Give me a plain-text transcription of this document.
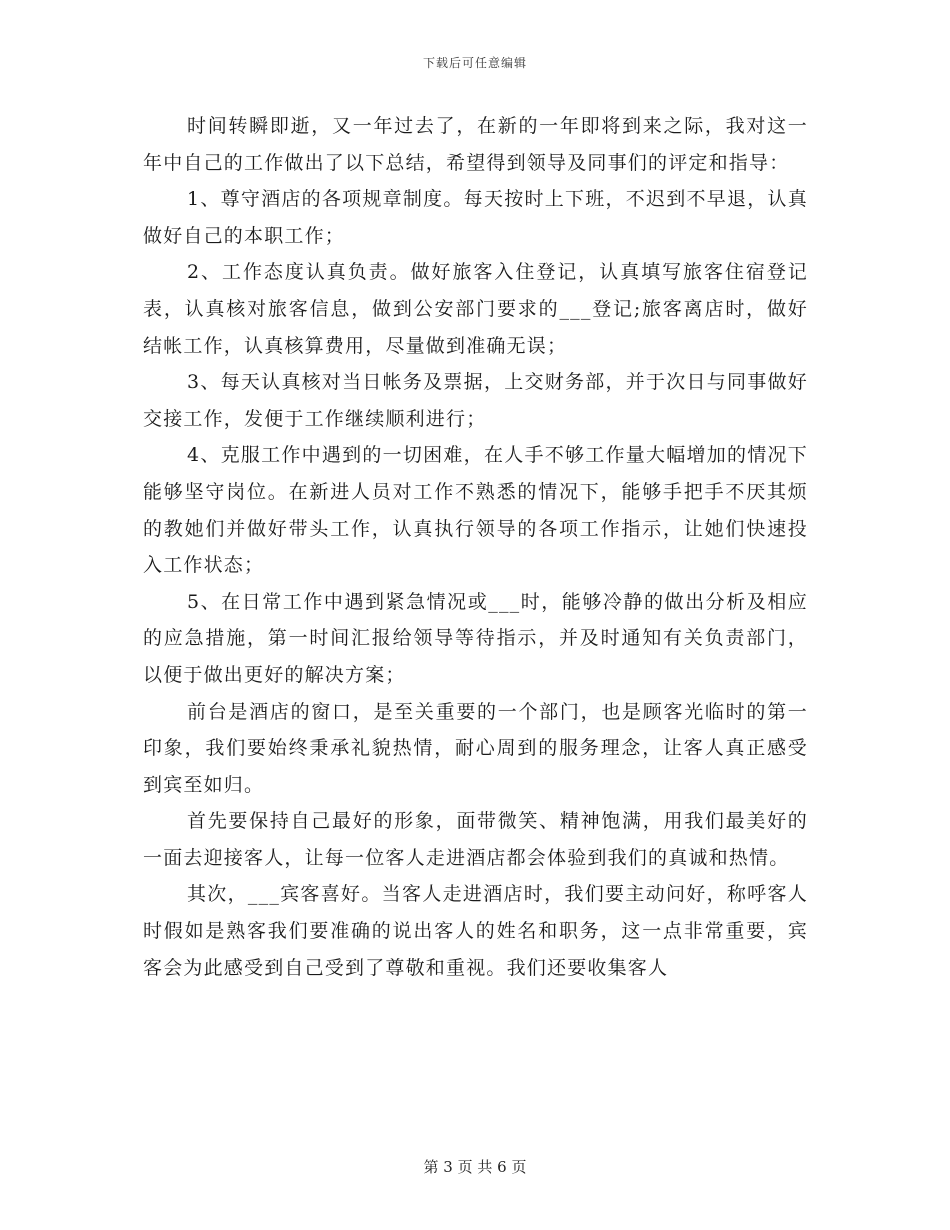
下载后可任意编辑

时间转瞬即逝，又一年过去了，在新的一年即将到来之际，我对这一年中自己的工作做出了以下总结，希望得到领导及同事们的评定和指导：

1、尊守酒店的各项规章制度。每天按时上下班，不迟到不早退，认真做好自己的本职工作；

2、工作态度认真负责。做好旅客入住登记，认真填写旅客住宿登记表，认真核对旅客信息，做到公安部门要求的___登记;旅客离店时，做好结帐工作，认真核算费用，尽量做到准确无误；

3、每天认真核对当日帐务及票据，上交财务部，并于次日与同事做好交接工作，发便于工作继续顺利进行；

4、克服工作中遇到的一切困难，在人手不够工作量大幅增加的情况下能够坚守岗位。在新进人员对工作不熟悉的情况下，能够手把手不厌其烦的教她们并做好带头工作，认真执行领导的各项工作指示，让她们快速投入工作状态；

5、在日常工作中遇到紧急情况或___时，能够冷静的做出分析及相应的应急措施，第一时间汇报给领导等待指示，并及时通知有关负责部门，以便于做出更好的解决方案；

前台是酒店的窗口，是至关重要的一个部门，也是顾客光临时的第一印象，我们要始终秉承礼貌热情，耐心周到的服务理念，让客人真正感受到宾至如归。

首先要保持自己最好的形象，面带微笑、精神饱满，用我们最美好的一面去迎接客人，让每一位客人走进酒店都会体验到我们的真诚和热情。

其次，___宾客喜好。当客人走进酒店时，我们要主动问好，称呼客人时假如是熟客我们要准确的说出客人的姓名和职务，这一点非常重要，宾客会为此感受到自己受到了尊敬和重视。我们还要收集客人

第 3 页 共 6 页
